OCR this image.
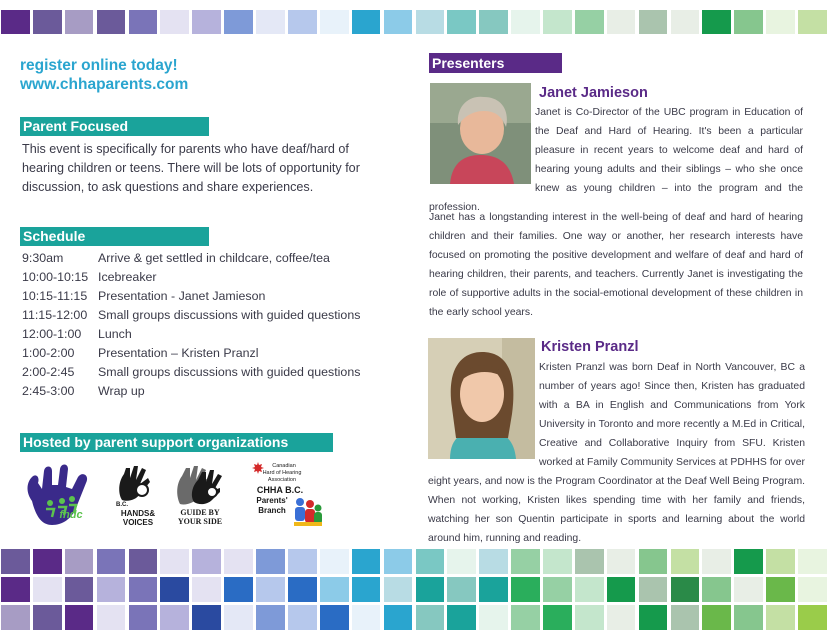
register online today!
www.chhaparents.com
Parent Focused
This event is specifically for parents who have deaf/hard of hearing children or teens. There will be lots of opportunity for discussion, to ask questions and share experiences.
Schedule
9:30am	Arrive & get settled in childcare, coffee/tea
10:00-10:15 Icebreaker
10:15-11:15 Presentation - Janet Jamieson
11:15-12:00 Small groups discussions with guided questions
12:00-1:00	Lunch
1:00-2:00	Presentation – Kristen Pranzl
2:00-2:45	Small groups discussions with guided questions
2:45-3:00	Wrap up
Hosted by parent support organizations
fndc
B.C.
HANDS&
VOICES
GUIDE BY
YOUR SIDE
Canadian
Hard of Hearing
Association
CHHA B.C.
Parents'
Branch
Presenters
Janet Jamieson
Janet is Co-Director of the UBC program in Education of the Deaf and Hard of Hearing. It's been a particular pleasure in recent years to welcome deaf and hard of hearing young adults and their siblings – who she once knew as young children – into the program and the profession.
Janet has a longstanding interest in the well-being of deaf and hard of hearing children and their families. One way or another, her research interests have focused on promoting the positive development and welfare of deaf and hard of hearing children, their parents, and teachers. Currently Janet is investigating the role of supportive adults in the social-emotional development of these children in the early school years.
Kristen Pranzl
Kristen Pranzl was born Deaf in North Vancouver, BC a number of years ago! Since then, Kristen has graduated with a BA in English and Communications from York University in Toronto and more recently a M.Ed in Critical, Creative and Collaborative Inquiry from SFU. Kristen worked at Family Community Services at PDHHS for over eight years, and now is the Program Coordinator at the Deaf Well Being Program. When not working, Kristen likes spending time with her family and friends, watching her son Quentin participate in sports and learning about the world around him, running and reading.
